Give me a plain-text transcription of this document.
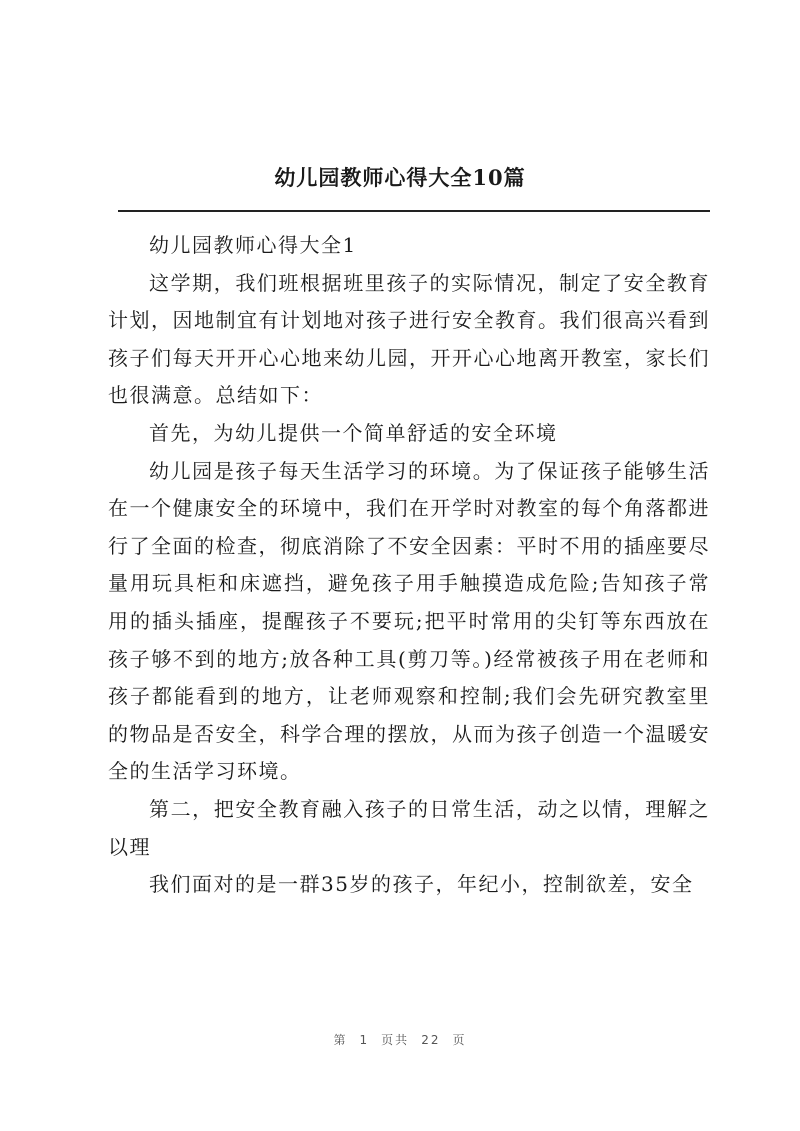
幼儿园教师心得大全10篇

幼儿园教师心得大全1

这学期，我们班根据班里孩子的实际情况，制定了安全教育计划，因地制宜有计划地对孩子进行安全教育。我们很高兴看到孩子们每天开开心心地来幼儿园，开开心心地离开教室，家长们也很满意。总结如下：

首先，为幼儿提供一个简单舒适的安全环境

幼儿园是孩子每天生活学习的环境。为了保证孩子能够生活在一个健康安全的环境中，我们在开学时对教室的每个角落都进行了全面的检查，彻底消除了不安全因素：平时不用的插座要尽量用玩具柜和床遮挡，避免孩子用手触摸造成危险;告知孩子常用的插头插座，提醒孩子不要玩;把平时常用的尖钉等东西放在孩子够不到的地方;放各种工具(剪刀等。)经常被孩子用在老师和孩子都能看到的地方，让老师观察和控制;我们会先研究教室里的物品是否安全，科学合理的摆放，从而为孩子创造一个温暖安全的生活学习环境。

第二，把安全教育融入孩子的日常生活，动之以情，理解之以理

我们面对的是一群35岁的孩子，年纪小，控制欲差，安全

第 1 页共 22 页
